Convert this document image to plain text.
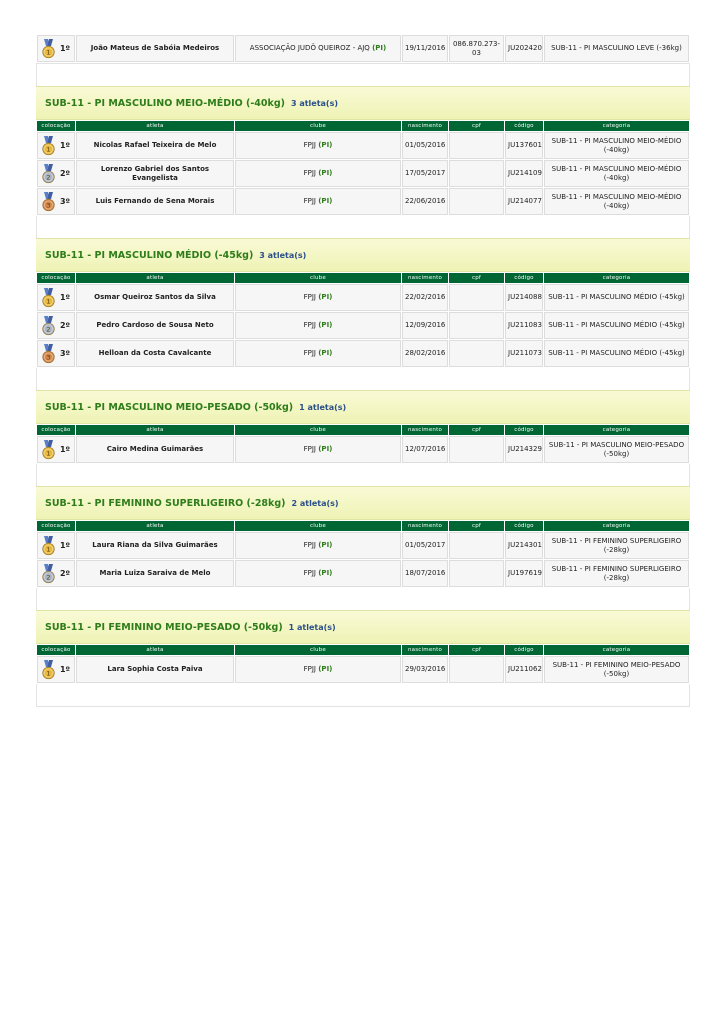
1 1º	João Mateus de Sabóia Medeiros	ASSOCIAÇÃO JUDÔ QUEIROZ - AJQ (PI)	19/11/2016	086.870.273-03	JU202420	SUB-11 - PI MASCULINO LEVE (-36kg)
SUB-11 - PI MASCULINO MEIO-MÉDIO (-40kg) 3 atleta(s)
colocação	atleta	clube	nascimento	cpf	código	categoria

1 1º	Nicolas Rafael Teixeira de Melo	FPJJ (PI)	01/05/2016		JU137601	SUB-11 - PI MASCULINO MEIO-MÉDIO (-40kg)

2 2º	Lorenzo Gabriel dos Santos Evangelista	FPJJ (PI)	17/05/2017		JU214109	SUB-11 - PI MASCULINO MEIO-MÉDIO (-40kg)

3 3º	Luis Fernando de Sena Morais	FPJJ (PI)	22/06/2016		JU214077	SUB-11 - PI MASCULINO MEIO-MÉDIO (-40kg)
SUB-11 - PI MASCULINO MÉDIO (-45kg) 3 atleta(s)
colocação	atleta	clube	nascimento	cpf	código	categoria

1 1º	Osmar Queiroz Santos da Silva	FPJJ (PI)	22/02/2016		JU214088	SUB-11 - PI MASCULINO MÉDIO (-45kg)

2 2º	Pedro Cardoso de Sousa Neto	FPJJ (PI)	12/09/2016		JU211083	SUB-11 - PI MASCULINO MÉDIO (-45kg)

3 3º	Helloan da Costa Cavalcante	FPJJ (PI)	28/02/2016		JU211073	SUB-11 - PI MASCULINO MÉDIO (-45kg)
SUB-11 - PI MASCULINO MEIO-PESADO (-50kg) 1 atleta(s)
colocação	atleta	clube	nascimento	cpf	código	categoria

1 1º	Cairo Medina Guimarães	FPJJ (PI)	12/07/2016		JU214329	SUB-11 - PI MASCULINO MEIO-PESADO (-50kg)
SUB-11 - PI FEMININO SUPERLIGEIRO (-28kg) 2 atleta(s)
colocação	atleta	clube	nascimento	cpf	código	categoria

1 1º	Laura Riana da Silva Guimarães	FPJJ (PI)	01/05/2017		JU214301	SUB-11 - PI FEMININO SUPERLIGEIRO (-28kg)

2 2º	Maria Luiza Saraiva de Melo	FPJJ (PI)	18/07/2016		JU197619	SUB-11 - PI FEMININO SUPERLIGEIRO (-28kg)
SUB-11 - PI FEMININO MEIO-PESADO (-50kg) 1 atleta(s)
colocação	atleta	clube	nascimento	cpf	código	categoria

1 1º	Lara Sophia Costa Paiva	FPJJ (PI)	29/03/2016		JU211062	SUB-11 - PI FEMININO MEIO-PESADO (-50kg)
